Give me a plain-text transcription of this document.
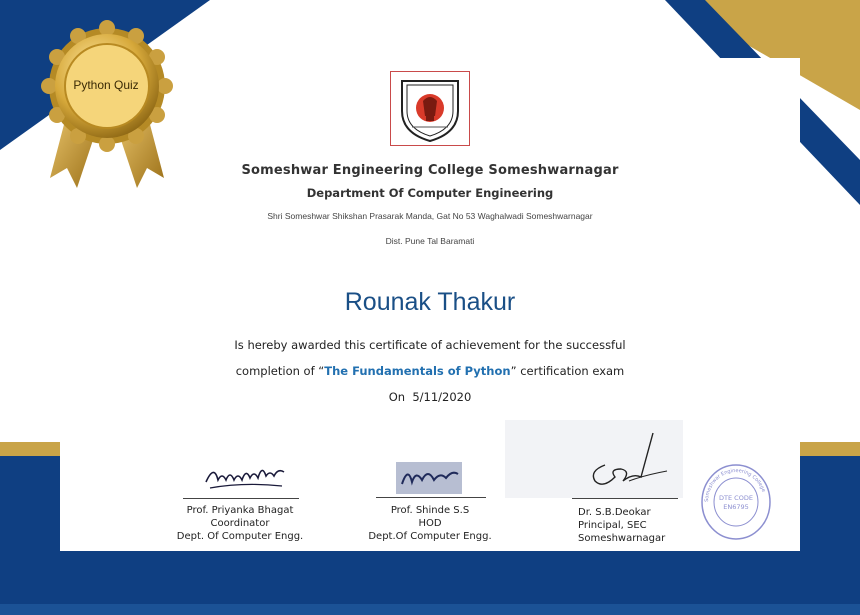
Python Quiz
Someshwar Engineering College Someshwarnagar
Department Of Computer Engineering
Shri Someshwar Shikshan Prasarak Manda, Gat No 53 Waghalwadi Someshwarnagar
Dist. Pune Tal Baramati
Rounak Thakur
Is hereby awarded this certificate of achievement for the successful
completion of “The Fundamentals of Python” certification exam
On 5/11/2020
Prof. Priyanka Bhagat
Coordinator
Dept. Of Computer Engg.
Prof. Shinde S.S
HOD
Dept.Of Computer Engg.
Dr. S.B.Deokar
Principal, SEC
Someshwarnagar
Someshwar Engineering College
DTE CODE
EN6795
